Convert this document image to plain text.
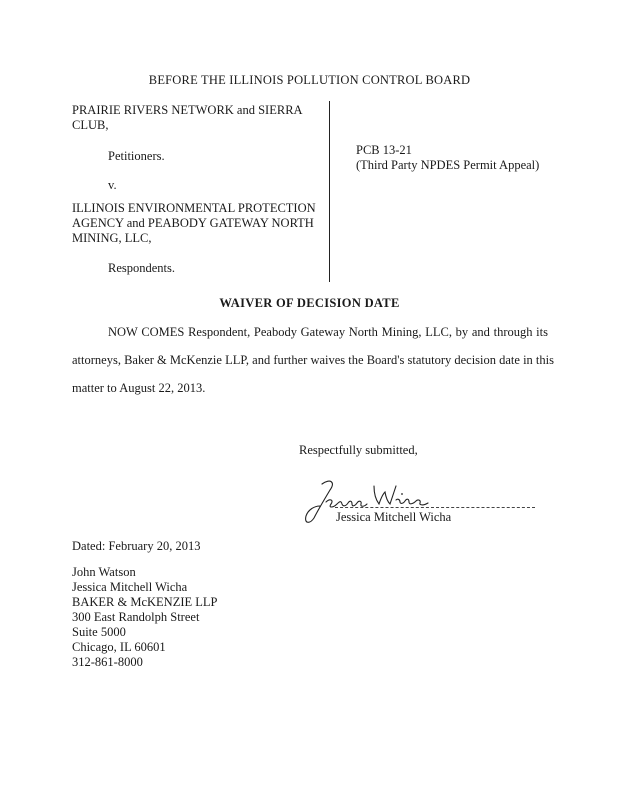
BEFORE THE ILLINOIS POLLUTION CONTROL BOARD
PRAIRIE RIVERS NETWORK and SIERRA
CLUB,
Petitioners.
v.
ILLINOIS ENVIRONMENTAL PROTECTION
AGENCY and PEABODY GATEWAY NORTH
MINING, LLC,
Respondents.
PCB 13-21
(Third Party NPDES Permit Appeal)
WAIVER OF DECISION DATE
NOW COMES Respondent, Peabody Gateway North Mining, LLC, by and through its
attorneys, Baker & McKenzie LLP, and further waives the Board's statutory decision date in this
matter to August 22, 2013.
Respectfully submitted,
Jessica Mitchell Wicha
Dated: February 20, 2013
John Watson
Jessica Mitchell Wicha
BAKER & McKENZIE LLP
300 East Randolph Street
Suite 5000
Chicago, IL 60601
312-861-8000
